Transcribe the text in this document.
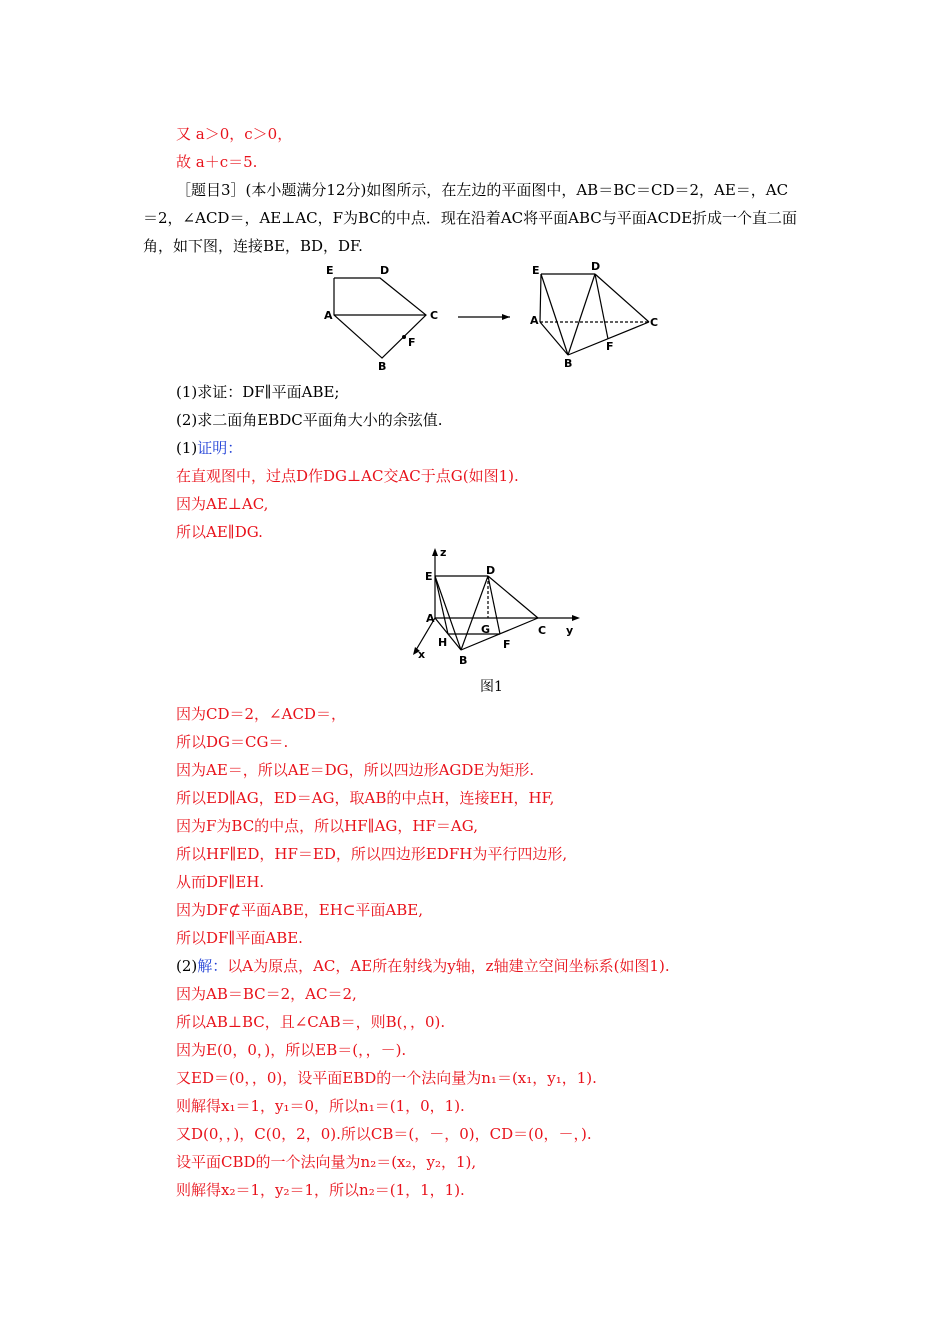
又 a＞0，c＞0，
故 a＋c＝5.
［题目3］(本小题满分12分)如图所示，在左边的平面图中，AB＝BC＝CD＝2，AE＝，AC
＝2，∠ACD＝，AE⊥AC，F为BC的中点．现在沿着AC将平面ABC与平面ACDE折成一个直二面
角，如下图，连接BE，BD，DF.
E	D
A	C
B
F
E	D
A	C
B
F
(1)求证：DF∥平面ABE;
(2)求二面角EBDC平面角大小的余弦值.
(1)证明：
在直观图中，过点D作DG⊥AC交AC于点G(如图1).
因为AE⊥AC,
所以AE∥DG.
z
E	D
A
G	C y
H	F
B
x
图1
因为CD＝2，∠ACD＝，
所以DG＝CG＝.
因为AE＝，所以AE＝DG，所以四边形AGDE为矩形.
所以ED∥AG，ED＝AG，取AB的中点H，连接EH，HF,
因为F为BC的中点，所以HF∥AG，HF＝AG,
所以HF∥ED，HF＝ED，所以四边形EDFH为平行四边形,
从而DF∥EH.
因为DF⊄平面ABE，EH⊂平面ABE,
所以DF∥平面ABE.
(2)解：以A为原点，AC，AE所在射线为y轴，z轴建立空间坐标系(如图1).
因为AB＝BC＝2，AC＝2,
所以AB⊥BC，且∠CAB＝，则B(，，0).
因为E(0，0，)，所以EB＝(，，－).
又ED＝(0，，0)，设平面EBD的一个法向量为n₁＝(x₁，y₁，1).
则解得x₁＝1，y₁＝0，所以n₁＝(1，0，1).
又D(0，，)，C(0，2，0).所以CB＝(，－，0)，CD＝(0，－，).
设平面CBD的一个法向量为n₂＝(x₂，y₂，1),
则解得x₂＝1，y₂＝1，所以n₂＝(1，1，1).
